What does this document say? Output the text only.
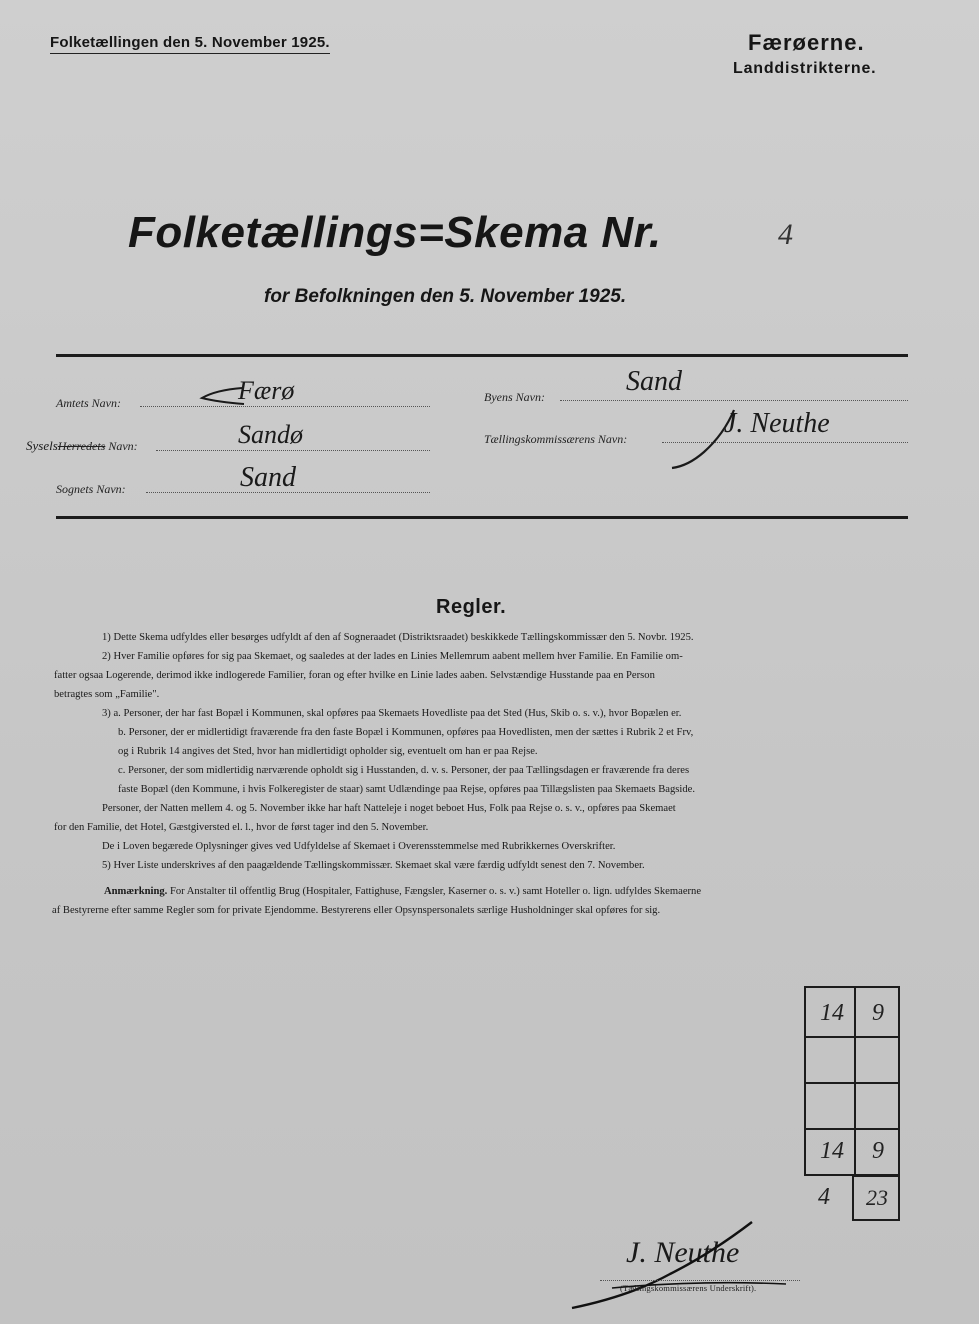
Folketællingen den 5. November 1925.	Færøerne.
Landdistrikterne.
Folketællings=Skema Nr.	4
for Befolkningen den 5. November 1925.
Amtets Navn:	Færø
SyselsHerredets Navn:	Sandø
Sognets Navn:	Sand
Byens Navn:	Sand
Tællingskommissærens Navn:	J. Neuthe
Regler.

1) Dette Skema udfyldes eller besørges udfyldt af den af Sogneraadet (Distriktsraadet) beskikkede Tællingskommissær den 5. Novbr. 1925.

2) Hver Familie opføres for sig paa Skemaet, og saaledes at der lades en Linies Mellemrum aabent mellem hver Familie. En Familie om-

fatter ogsaa Logerende, derimod ikke indlogerede Familier, foran og efter hvilke en Linie lades aaben. Selvstændige Husstande paa en Person

betragtes som „Familie".

3) a. Personer, der har fast Bopæl i Kommunen, skal opføres paa Skemaets Hovedliste paa det Sted (Hus, Skib o. s. v.), hvor Bopælen er.

b. Personer, der er midlertidigt fraværende fra den faste Bopæl i Kommunen, opføres paa Hovedlisten, men der sættes i Rubrik 2 et Frv,

og i Rubrik 14 angives det Sted, hvor han midlertidigt opholder sig, eventuelt om han er paa Rejse.

c. Personer, der som midlertidig nærværende opholdt sig i Husstanden, d. v. s. Personer, der paa Tællingsdagen er fraværende fra deres

faste Bopæl (den Kommune, i hvis Folkeregister de staar) samt Udlændinge paa Rejse, opføres paa Tillægslisten paa Skemaets Bagside.

Personer, der Natten mellem 4. og 5. November ikke har haft Natteleje i noget beboet Hus, Folk paa Rejse o. s. v., opføres paa Skemaet

for den Familie, det Hotel, Gæstgiversted el. l., hvor de først tager ind den 5. November.

De i Loven begærede Oplysninger gives ved Udfyldelse af Skemaet i Overensstemmelse med Rubrikkernes Overskrifter.

5) Hver Liste underskrives af den paagældende Tællingskommissær. Skemaet skal være færdig udfyldt senest den 7. November.

Anmærkning. For Anstalter til offentlig Brug (Hospitaler, Fattighuse, Fængsler, Kaserner o. s. v.) samt Hoteller o. lign. udfyldes Skemaerne

af Bestyrerne efter samme Regler som for private Ejendomme. Bestyrerens eller Opsynspersonalets særlige Husholdninger skal opføres for sig.

14 9
14 9
4 23
J. Neuthe
(Tællingskommissærens Underskrift).
